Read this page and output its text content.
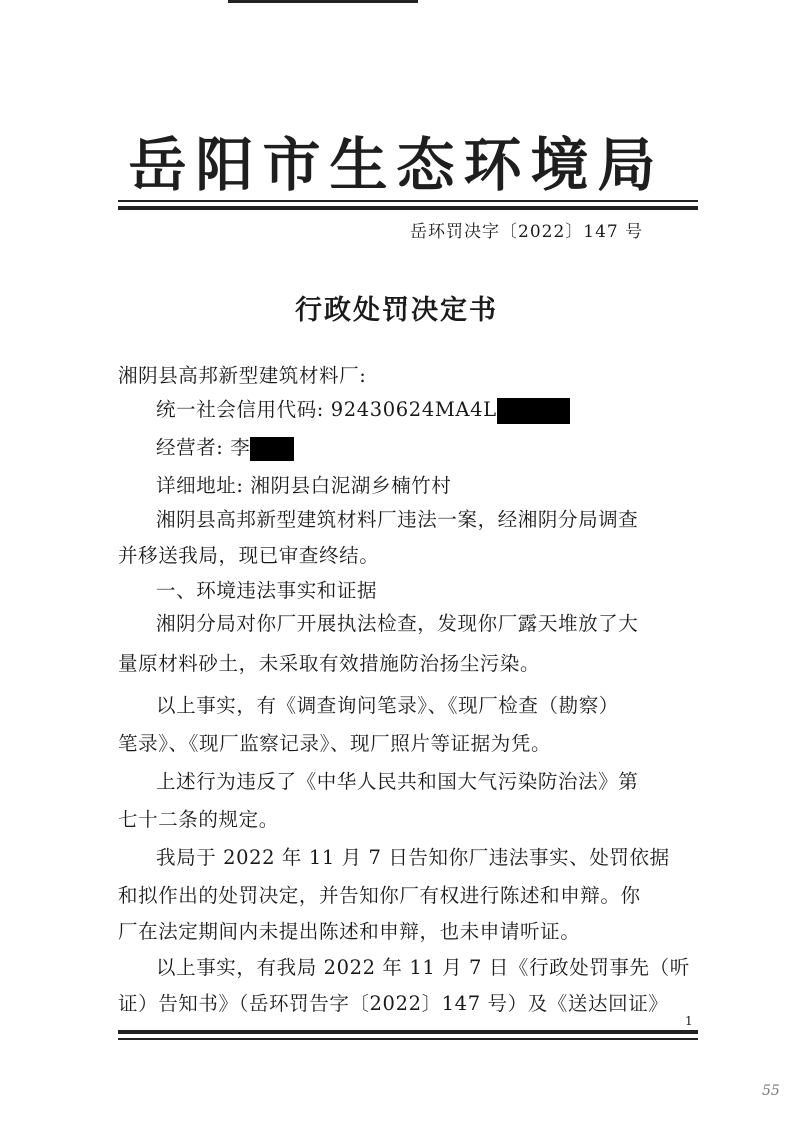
岳阳市生态环境局
岳环罚决字〔2022〕147 号
行政处罚决定书
湘阴县高邦新型建筑材料厂:
统一社会信用代码: 92430624MA4L
经营者: 李
详细地址: 湘阴县白泥湖乡楠竹村
湘阴县高邦新型建筑材料厂违法一案，经湘阴分局调查
并移送我局，现已审查终结。
一、环境违法事实和证据
湘阴分局对你厂开展执法检查，发现你厂露天堆放了大
量原材料砂土，未采取有效措施防治扬尘污染。
以上事实，有《调查询问笔录》、《现厂检查（勘察）
笔录》、《现厂监察记录》、现厂照片等证据为凭。
上述行为违反了《中华人民共和国大气污染防治法》第
七十二条的规定。
我局于 2022 年 11 月 7 日告知你厂违法事实、处罚依据
和拟作出的处罚决定，并告知你厂有权进行陈述和申辩。你
厂在法定期间内未提出陈述和申辩，也未申请听证。
以上事实，有我局 2022 年 11 月 7 日《行政处罚事先（听
证）告知书》（岳环罚告字〔2022〕147 号）及《送达回证》
1
55
